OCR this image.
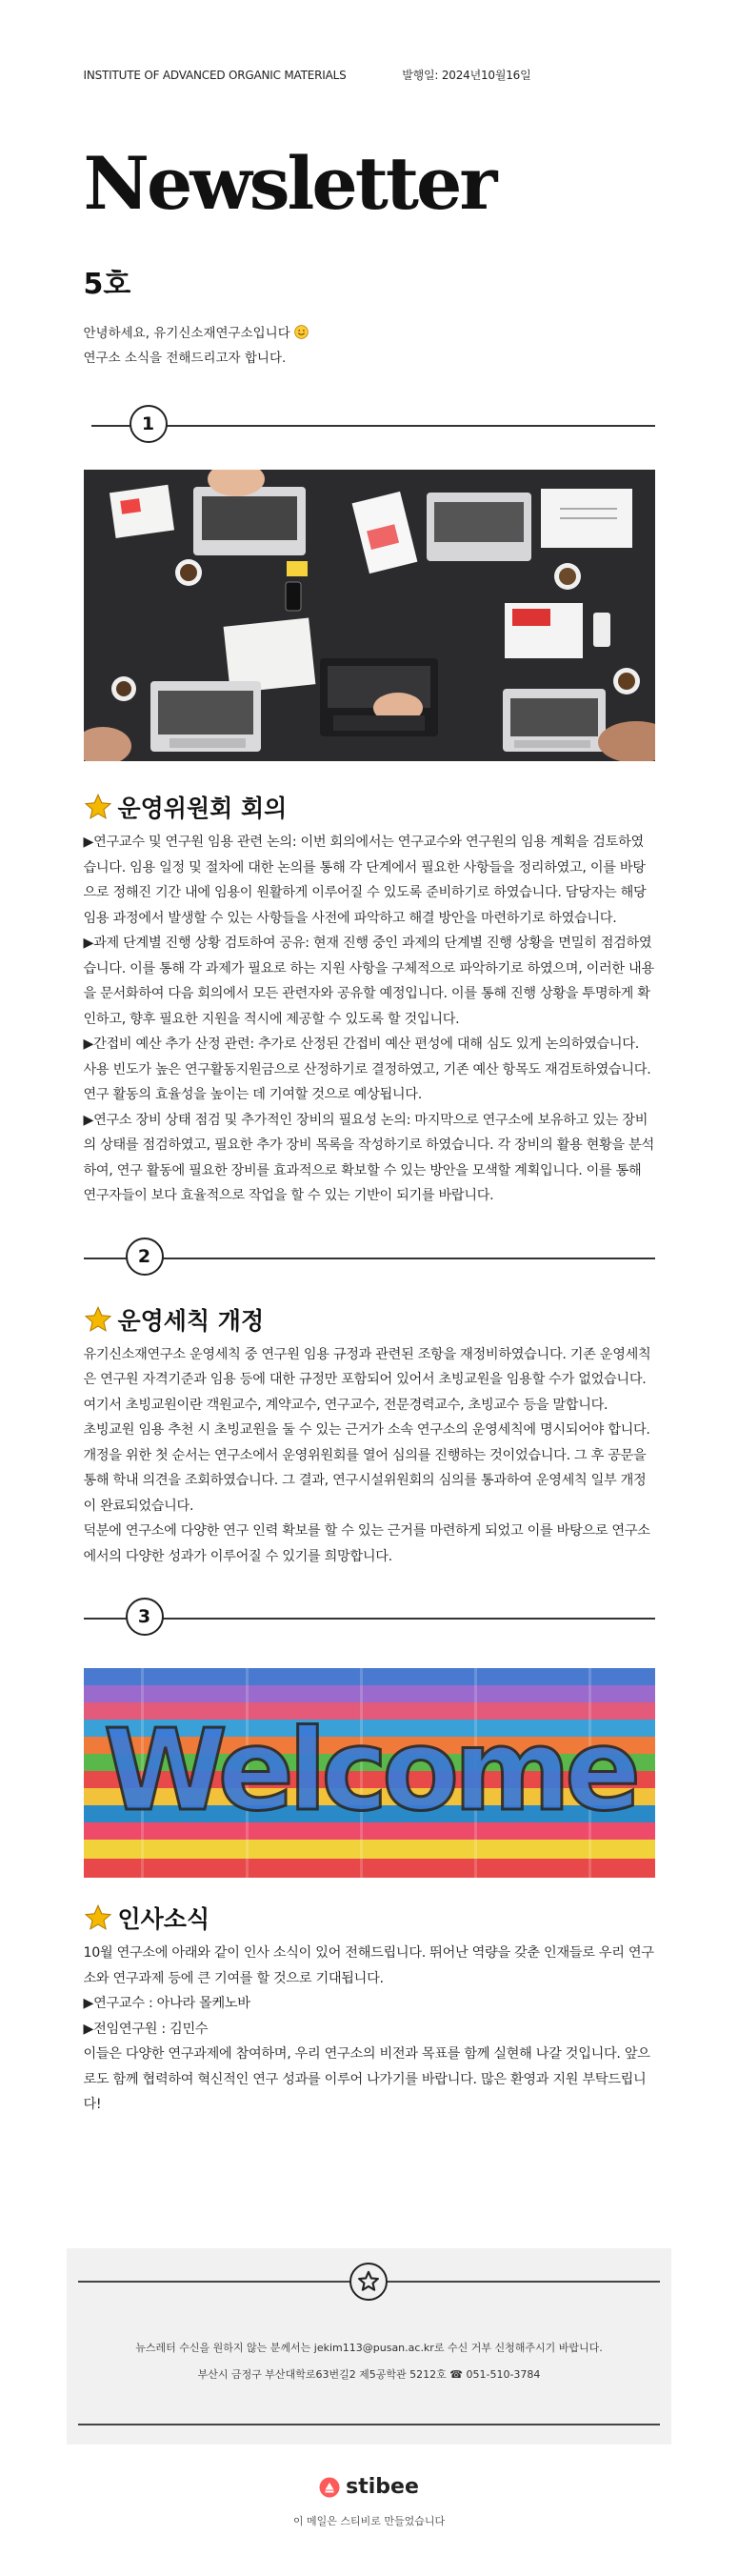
INSTITUTE OF ADVANCED ORGANIC MATERIALS	발행일: 2024년10월16일
Newsletter
5호
안녕하세요, 유기신소재연구소입니다
연구소 소식을 전해드리고자 합니다.
1
운영위원회 회의
▶연구교수 및 연구원 임용 관련 논의: 이번 회의에서는 연구교수와 연구원의 임용 계획을 검토하였습니다. 임용 일정 및 절차에 대한 논의를 통해 각 단계에서 필요한 사항들을 정리하였고, 이를 바탕으로 정해진 기간 내에 임용이 원활하게 이루어질 수 있도록 준비하기로 하였습니다. 담당자는 해당 임용 과정에서 발생할 수 있는 사항들을 사전에 파악하고 해결 방안을 마련하기로 하였습니다.
▶과제 단계별 진행 상황 검토하여 공유: 현재 진행 중인 과제의 단계별 진행 상황을 면밀히 점검하였습니다. 이를 통해 각 과제가 필요로 하는 지원 사항을 구체적으로 파악하기로 하였으며, 이러한 내용을 문서화하여 다음 회의에서 모든 관련자와 공유할 예정입니다. 이를 통해 진행 상황을 투명하게 확인하고, 향후 필요한 지원을 적시에 제공할 수 있도록 할 것입니다.
▶간접비 예산 추가 산정 관련: 추가로 산정된 간접비 예산 편성에 대해 심도 있게 논의하였습니다. 사용 빈도가 높은 연구활동지원금으로 산정하기로 결정하였고, 기존 예산 항목도 재검토하였습니다. 연구 활동의 효율성을 높이는 데 기여할 것으로 예상됩니다.
▶연구소 장비 상태 점검 및 추가적인 장비의 필요성 논의: 마지막으로 연구소에 보유하고 있는 장비의 상태를 점검하였고, 필요한 추가 장비 목록을 작성하기로 하였습니다. 각 장비의 활용 현황을 분석하여, 연구 활동에 필요한 장비를 효과적으로 확보할 수 있는 방안을 모색할 계획입니다. 이를 통해 연구자들이 보다 효율적으로 작업을 할 수 있는 기반이 되기를 바랍니다.
2
운영세칙 개정
유기신소재연구소 운영세칙 중 연구원 임용 규정과 관련된 조항을 재정비하였습니다. 기존 운영세칙은 연구원 자격기준과 임용 등에 대한 규정만 포함되어 있어서 초빙교원을 임용할 수가 없었습니다. 여기서 초빙교원이란 객원교수, 계약교수, 연구교수, 전문경력교수, 초빙교수 등을 말합니다.
초빙교원 임용 추천 시 초빙교원을 둘 수 있는 근거가 소속 연구소의 운영세칙에 명시되어야 합니다. 개정을 위한 첫 순서는 연구소에서 운영위원회를 열어 심의를 진행하는 것이었습니다. 그 후 공문을 통해 학내 의견을 조회하였습니다. 그 결과, 연구시설위원회의 심의를 통과하여 운영세칙 일부 개정이 완료되었습니다.
덕분에 연구소에 다양한 연구 인력 확보를 할 수 있는 근거를 마련하게 되었고 이를 바탕으로 연구소에서의 다양한 성과가 이루어질 수 있기를 희망합니다.
3
Welcome
인사소식
10월 연구소에 아래와 같이 인사 소식이 있어 전해드립니다. 뛰어난 역량을 갖춘 인재들로 우리 연구소와 연구과제 등에 큰 기여를 할 것으로 기대됩니다.
▶연구교수 : 아나라 몰케노바
▶전임연구원 : 김민수
이들은 다양한 연구과제에 참여하며, 우리 연구소의 비전과 목표를 함께 실현해 나갈 것입니다. 앞으로도 함께 협력하여 혁신적인 연구 성과를 이루어 나가기를 바랍니다. 많은 환영과 지원 부탁드립니다!
뉴스레터 수신을 원하지 않는 분께서는 jekim113@pusan.ac.kr로 수신 거부 신청해주시기 바랍니다.
부산시 금정구 부산대학로63번길2 제5공학관 5212호 ☎ 051-510-3784
stibee
이 메일은 스티비로 만들었습니다
